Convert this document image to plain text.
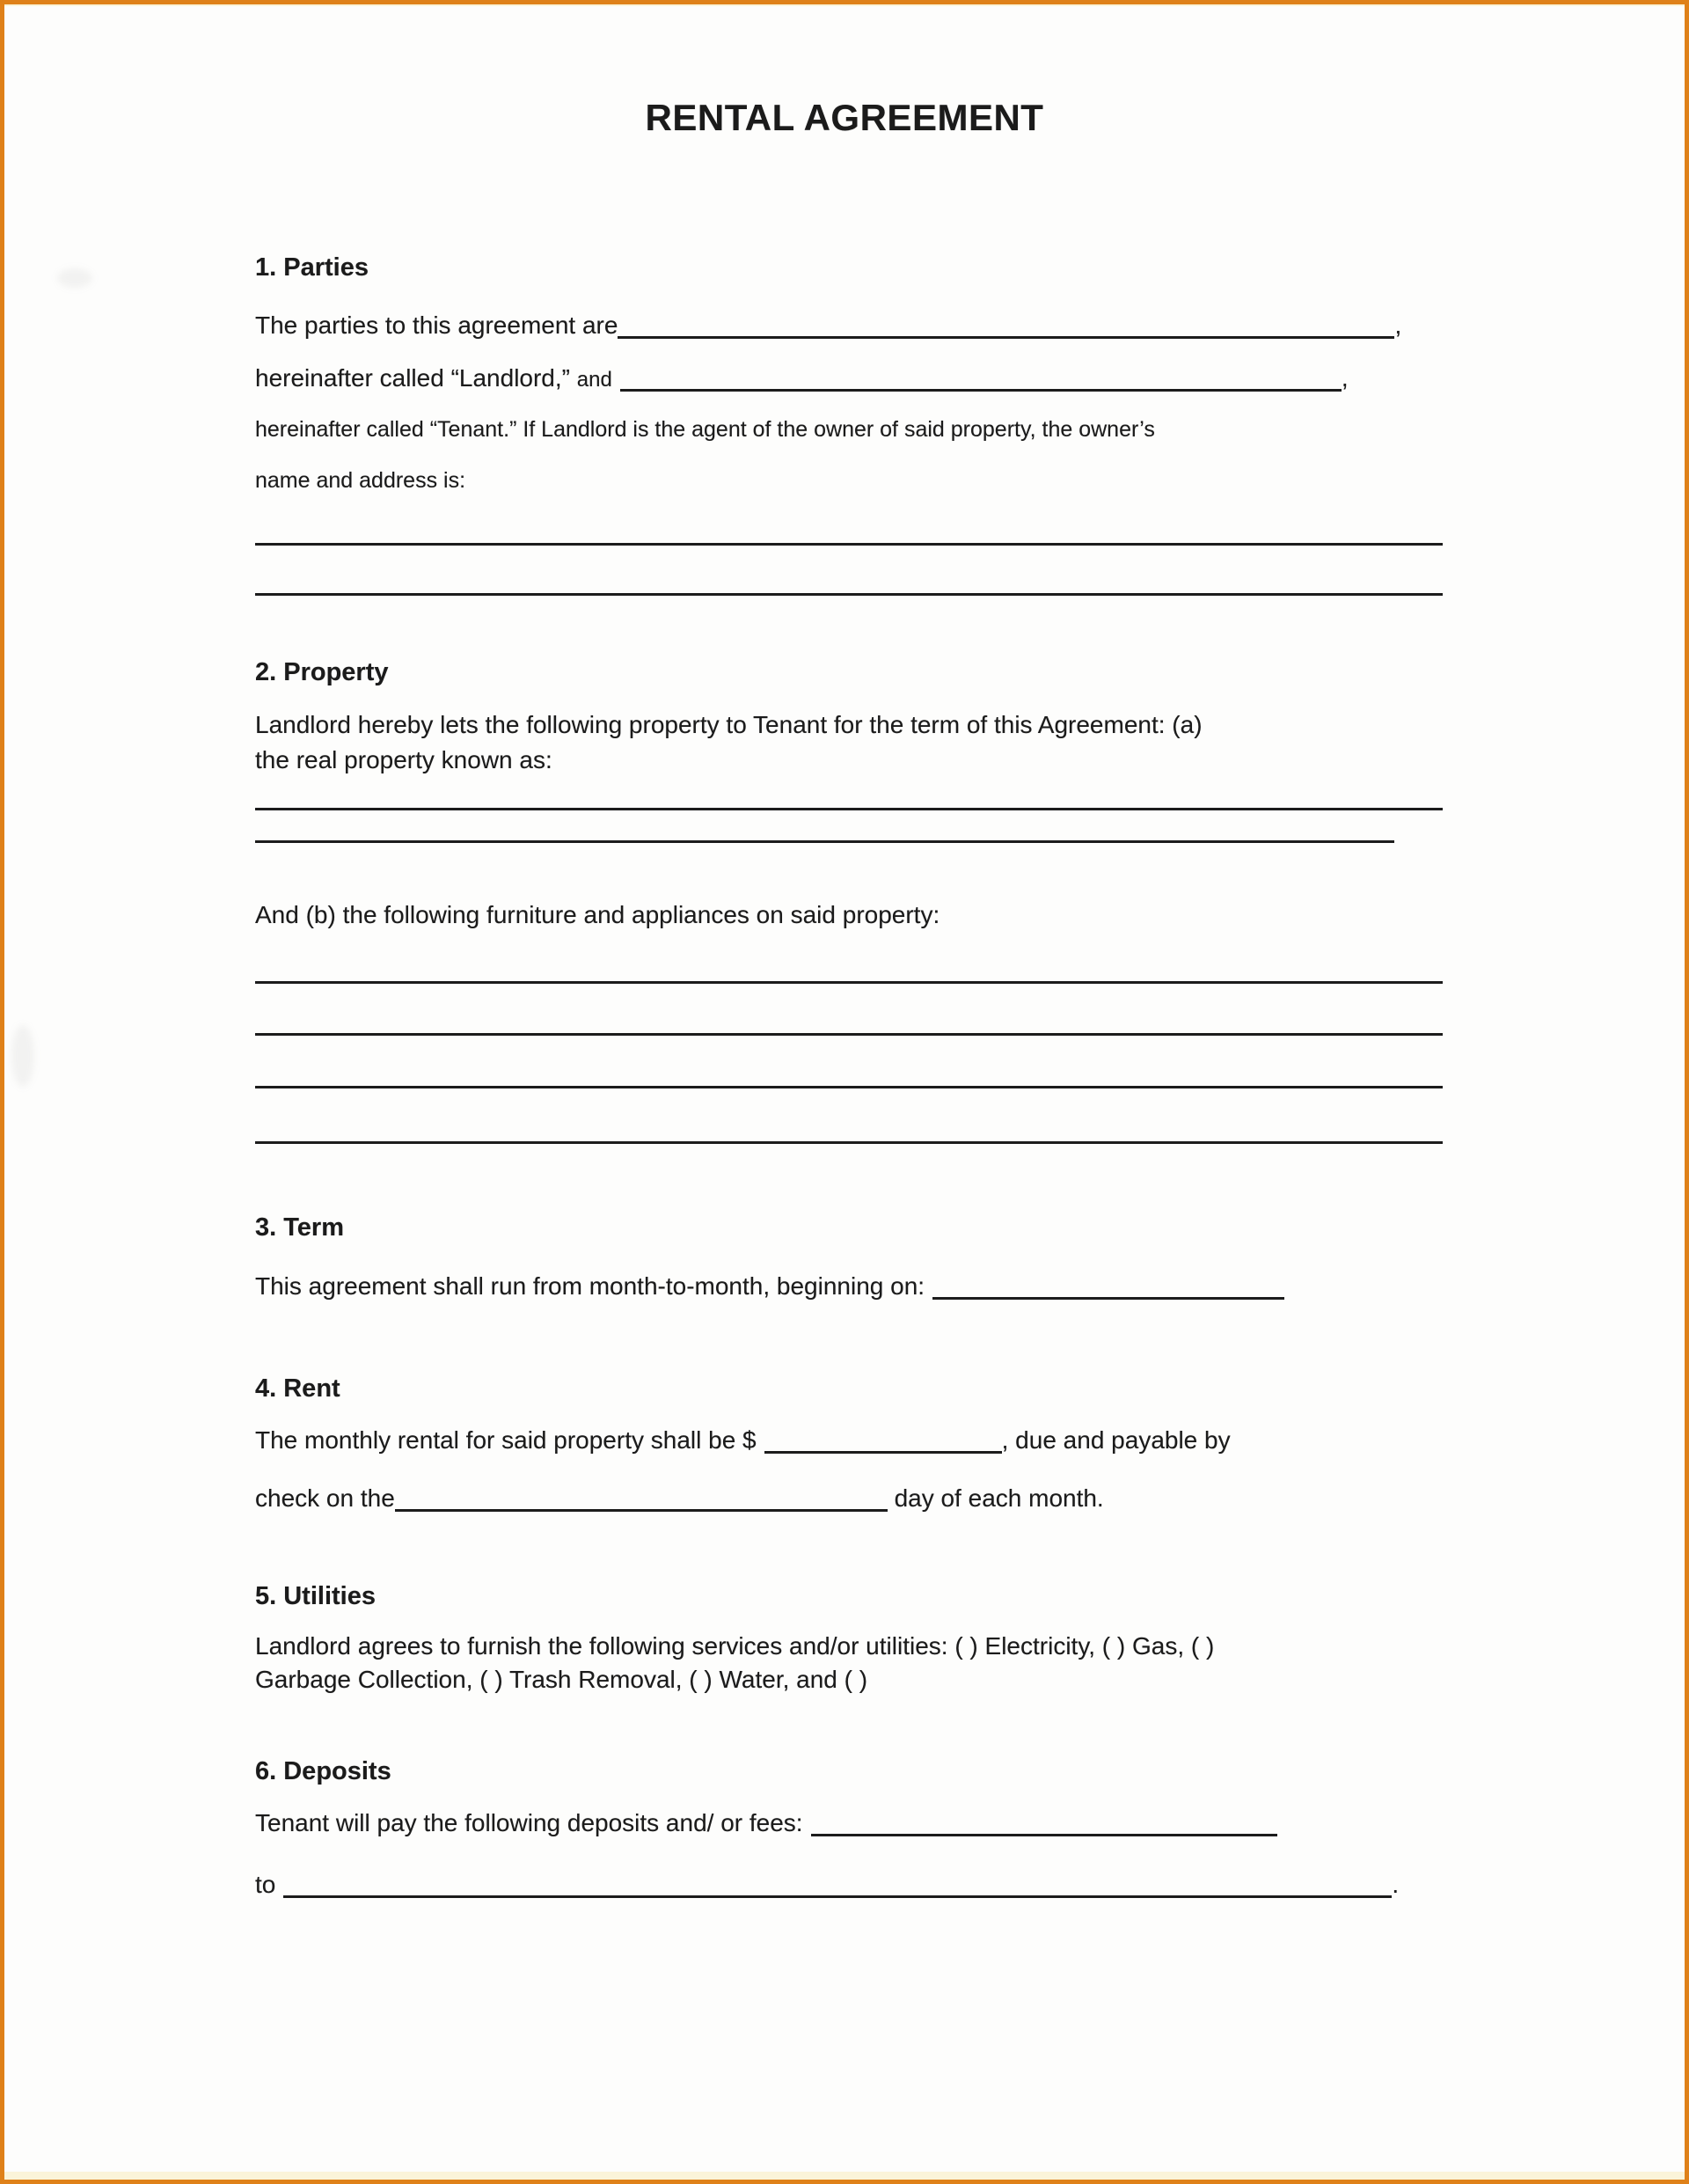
RENTAL AGREEMENT
1. Parties
The parties to this agreement are	,
hereinafter called “Landlord,” and	,
hereinafter called “Tenant.” If Landlord is the agent of the owner of said property, the owner’s
name and address is:
2. Property
Landlord hereby lets the following property to Tenant for the term of this Agreement: (a)
the real property known as:
And (b) the following furniture and appliances on said property:
3. Term
This agreement shall run from month-to-month, beginning on:
4. Rent
The monthly rental for said property shall be $	, due and payable by
check on the	day of each month.
5. Utilities
Landlord agrees to furnish the following services and/or utilities: ( ) Electricity, ( ) Gas, ( )
Garbage Collection, ( ) Trash Removal, ( ) Water, and ( )
6. Deposits
Tenant will pay the following deposits and/ or fees:
to	.
